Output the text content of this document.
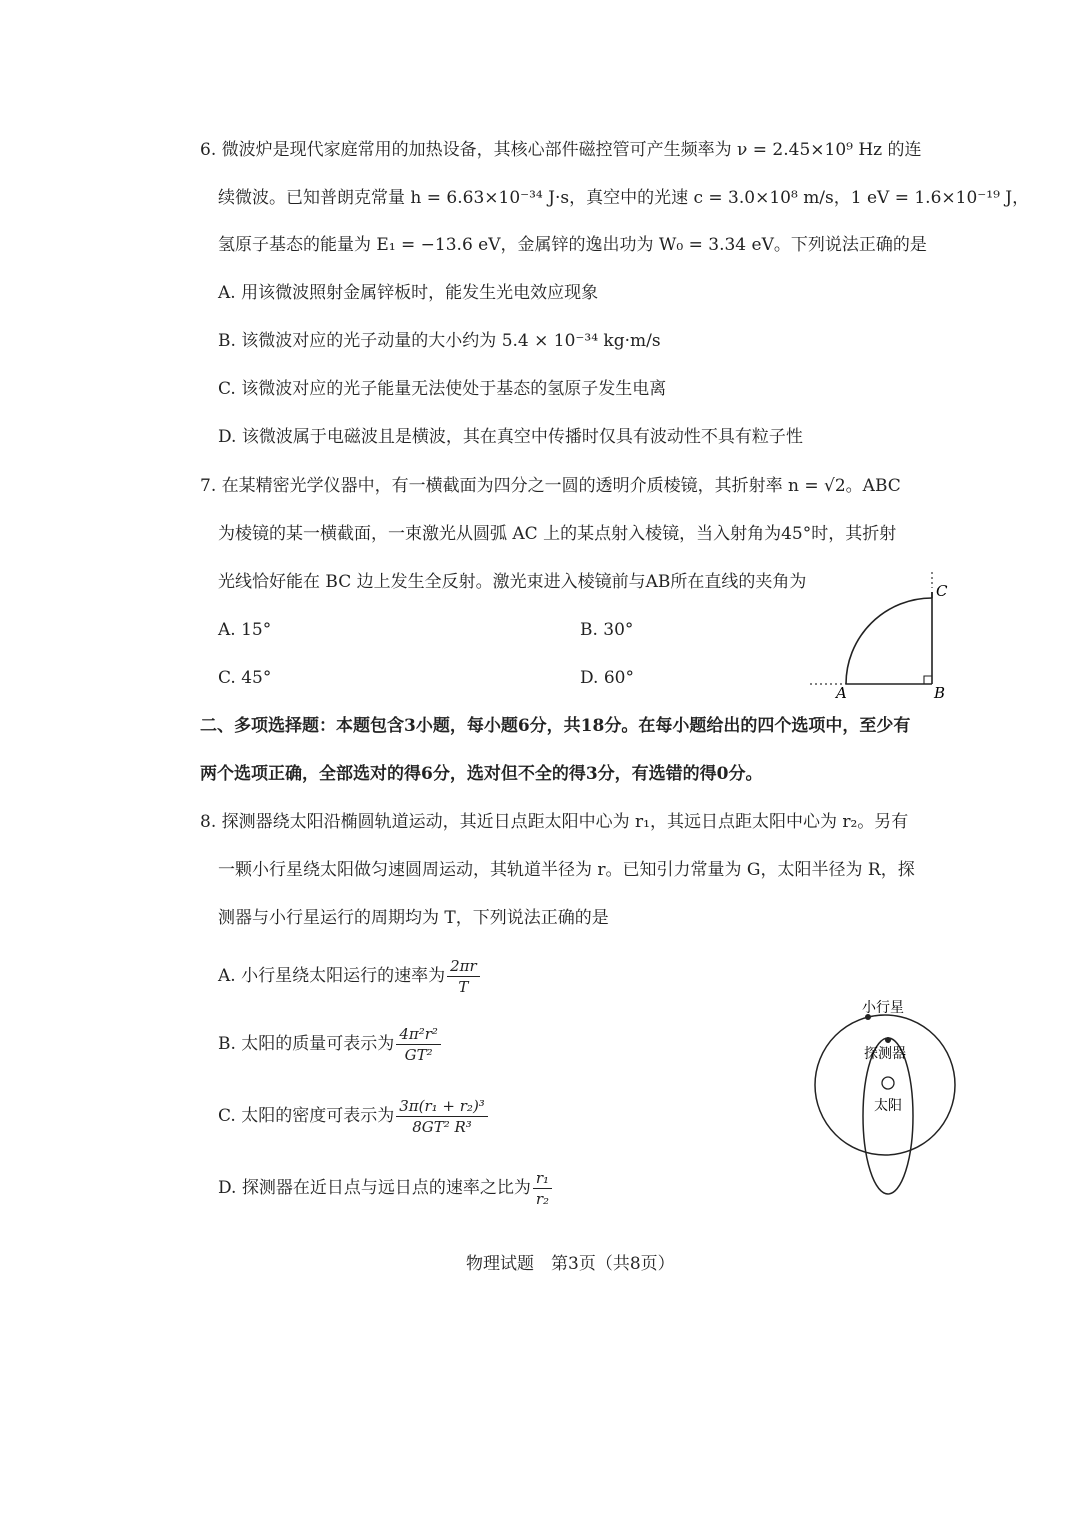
6. 微波炉是现代家庭常用的加热设备，其核心部件磁控管可产生频率为 ν = 2.45×10⁹ Hz 的连
续微波。已知普朗克常量 h = 6.63×10⁻³⁴ J·s，真空中的光速 c = 3.0×10⁸ m/s，1 eV = 1.6×10⁻¹⁹ J，
氢原子基态的能量为 E₁ = −13.6 eV，金属锌的逸出功为 W₀ = 3.34 eV。下列说法正确的是
A. 用该微波照射金属锌板时，能发生光电效应现象
B. 该微波对应的光子动量的大小约为 5.4 × 10⁻³⁴ kg·m/s
C. 该微波对应的光子能量无法使处于基态的氢原子发生电离
D. 该微波属于电磁波且是横波，其在真空中传播时仅具有波动性不具有粒子性
7. 在某精密光学仪器中，有一横截面为四分之一圆的透明介质棱镜，其折射率 n = √2。ABC
为棱镜的某一横截面，一束激光从圆弧 AC 上的某点射入棱镜，当入射角为45°时，其折射
光线恰好能在 BC 边上发生全反射。激光束进入棱镜前与AB所在直线的夹角为
A. 15°	B. 30°
C. 45°	D. 60°
A	B
C
二、多项选择题：本题包含3小题，每小题6分，共18分。在每小题给出的四个选项中，至少有
两个选项正确，全部选对的得6分，选对但不全的得3分，有选错的得0分。
8. 探测器绕太阳沿椭圆轨道运动，其近日点距太阳中心为 r₁，其远日点距太阳中心为 r₂。另有
一颗小行星绕太阳做匀速圆周运动，其轨道半径为 r。已知引力常量为 G，太阳半径为 R，探
测器与小行星运行的周期均为 T，下列说法正确的是
A. 小行星绕太阳运行的速率为 $\frac{2\pi r}{T}$
B. 太阳的质量可表示为 $\frac{\text{4π²r²}}{\text{GT²}}$
C. 太阳的密度可表示为 $\frac{\text{3π(r₁ + r₂)³}}{\text{8GT² R³}}$
D. 探测器在近日点与远日点的速率之比为 $\frac{\text{r₁}}{\text{r₂}}$
小行星
探测器
太阳
物理试题　第3页（共8页）
